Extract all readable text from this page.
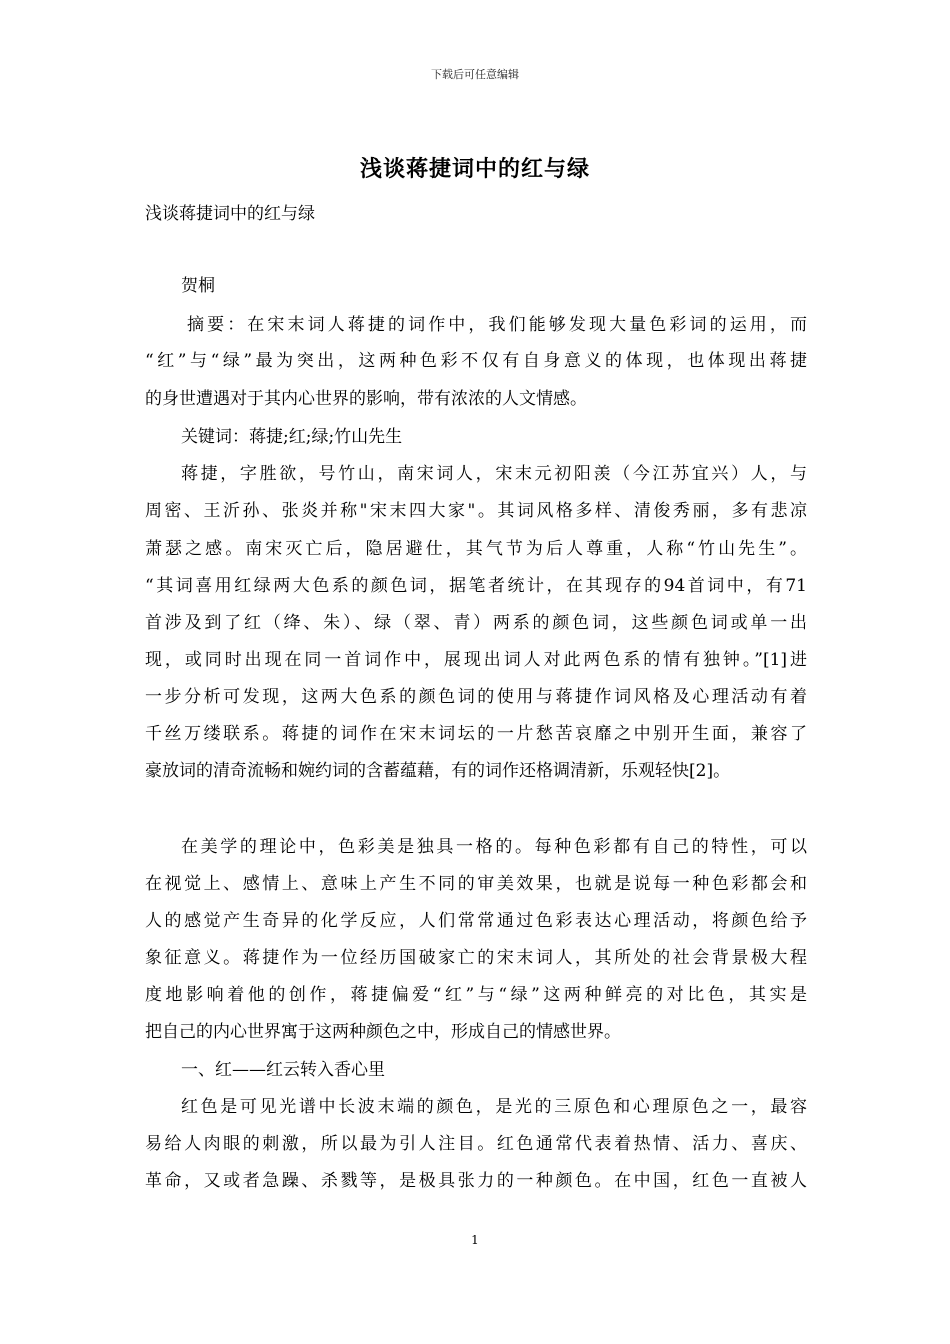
下载后可任意编辑
浅谈蒋捷词中的红与绿
浅谈蒋捷词中的红与绿
贺桐
摘要：在宋末词人蒋捷的词作中，我们能够发现大量色彩词的运用，而
“红”与“绿”最为突出，这两种色彩不仅有自身意义的体现，也体现出蒋捷
的身世遭遇对于其内心世界的影响，带有浓浓的人文情感。
关键词：蒋捷;红;绿;竹山先生
蒋捷，字胜欲，号竹山，南宋词人，宋末元初阳羡（今江苏宜兴）人，与
周密、王沂孙、张炎并称"宋末四大家"。其词风格多样、清俊秀丽，多有悲凉
萧瑟之感。南宋灭亡后，隐居避仕，其气节为后人尊重，人称“竹山先生”。
“其词喜用红绿两大色系的颜色词，据笔者统计，在其现存的94首词中，有71
首涉及到了红（绛、朱）、绿（翠、青）两系的颜色词，这些颜色词或单一出
现，或同时出现在同一首词作中，展现出词人对此两色系的情有独钟。”[1]进
一步分析可发现，这两大色系的颜色词的使用与蒋捷作词风格及心理活动有着
千丝万缕联系。蒋捷的词作在宋末词坛的一片愁苦哀靡之中别开生面，兼容了
豪放词的清奇流畅和婉约词的含蓄蕴藉，有的词作还格调清新，乐观轻快[2]。
在美学的理论中，色彩美是独具一格的。每种色彩都有自己的特性，可以
在视觉上、感情上、意味上产生不同的审美效果，也就是说每一种色彩都会和
人的感觉产生奇异的化学反应，人们常常通过色彩表达心理活动，将颜色给予
象征意义。蒋捷作为一位经历国破家亡的宋末词人，其所处的社会背景极大程
度地影响着他的创作，蒋捷偏爱“红”与“绿”这两种鲜亮的对比色，其实是
把自己的内心世界寓于这两种颜色之中，形成自己的情感世界。
一、红——红云转入香心里
红色是可见光谱中长波末端的颜色，是光的三原色和心理原色之一，最容
易给人肉眼的刺激，所以最为引人注目。红色通常代表着热情、活力、喜庆、
革命，又或者急躁、杀戮等，是极具张力的一种颜色。在中国，红色一直被人
1
